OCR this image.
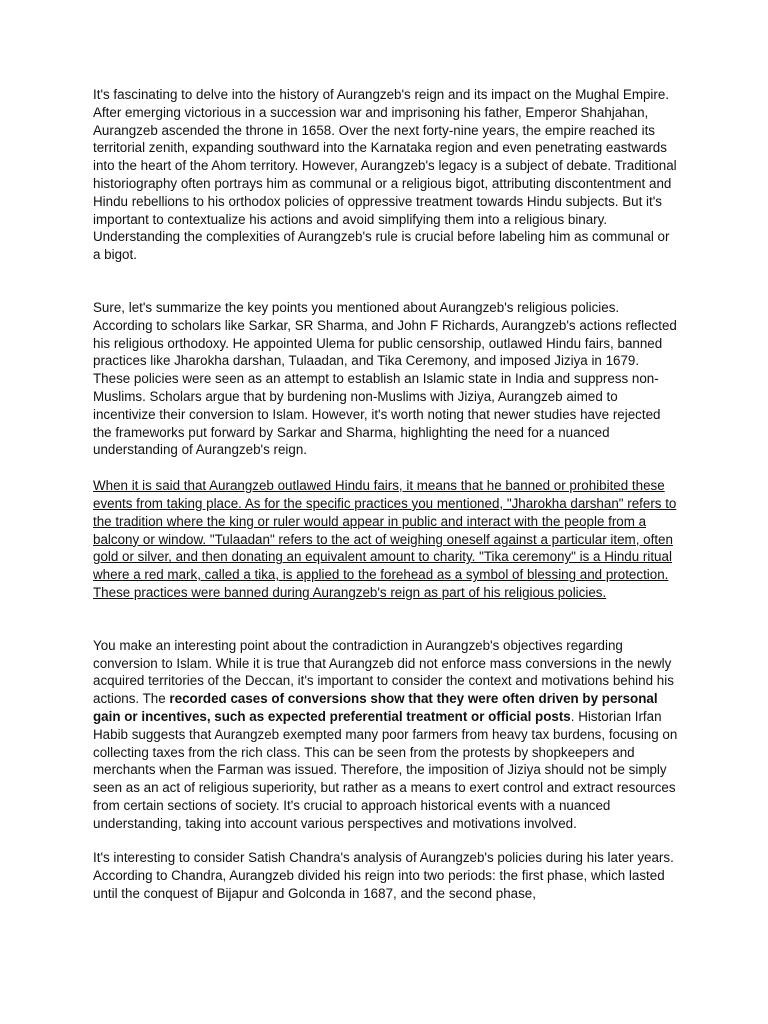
It's fascinating to delve into the history of Aurangzeb's reign and its impact on the Mughal Empire. After emerging victorious in a succession war and imprisoning his father, Emperor Shahjahan, Aurangzeb ascended the throne in 1658. Over the next forty-nine years, the empire reached its territorial zenith, expanding southward into the Karnataka region and even penetrating eastwards into the heart of the Ahom territory. However, Aurangzeb's legacy is a subject of debate. Traditional historiography often portrays him as communal or a religious bigot, attributing discontentment and Hindu rebellions to his orthodox policies of oppressive treatment towards Hindu subjects. But it's important to contextualize his actions and avoid simplifying them into a religious binary. Understanding the complexities of Aurangzeb's rule is crucial before labeling him as communal or a bigot.

Sure, let's summarize the key points you mentioned about Aurangzeb's religious policies. According to scholars like Sarkar, SR Sharma, and John F Richards, Aurangzeb's actions reflected his religious orthodoxy. He appointed Ulema for public censorship, outlawed Hindu fairs, banned practices like Jharokha darshan, Tulaadan, and Tika Ceremony, and imposed Jiziya in 1679. These policies were seen as an attempt to establish an Islamic state in India and suppress non-Muslims. Scholars argue that by burdening non-Muslims with Jiziya, Aurangzeb aimed to incentivize their conversion to Islam. However, it's worth noting that newer studies have rejected the frameworks put forward by Sarkar and Sharma, highlighting the need for a nuanced understanding of Aurangzeb's reign.

When it is said that Aurangzeb outlawed Hindu fairs, it means that he banned or prohibited these events from taking place. As for the specific practices you mentioned, "Jharokha darshan" refers to the tradition where the king or ruler would appear in public and interact with the people from a balcony or window. "Tulaadan" refers to the act of weighing oneself against a particular item, often gold or silver, and then donating an equivalent amount to charity. "Tika ceremony" is a Hindu ritual where a red mark, called a tika, is applied to the forehead as a symbol of blessing and protection. These practices were banned during Aurangzeb's reign as part of his religious policies.

You make an interesting point about the contradiction in Aurangzeb's objectives regarding conversion to Islam. While it is true that Aurangzeb did not enforce mass conversions in the newly acquired territories of the Deccan, it's important to consider the context and motivations behind his actions. The recorded cases of conversions show that they were often driven by personal gain or incentives, such as expected preferential treatment or official posts. Historian Irfan Habib suggests that Aurangzeb exempted many poor farmers from heavy tax burdens, focusing on collecting taxes from the rich class. This can be seen from the protests by shopkeepers and merchants when the Farman was issued. Therefore, the imposition of Jiziya should not be simply seen as an act of religious superiority, but rather as a means to exert control and extract resources from certain sections of society. It's crucial to approach historical events with a nuanced understanding, taking into account various perspectives and motivations involved.

It's interesting to consider Satish Chandra's analysis of Aurangzeb's policies during his later years. According to Chandra, Aurangzeb divided his reign into two periods: the first phase, which lasted until the conquest of Bijapur and Golconda in 1687, and the second phase,
